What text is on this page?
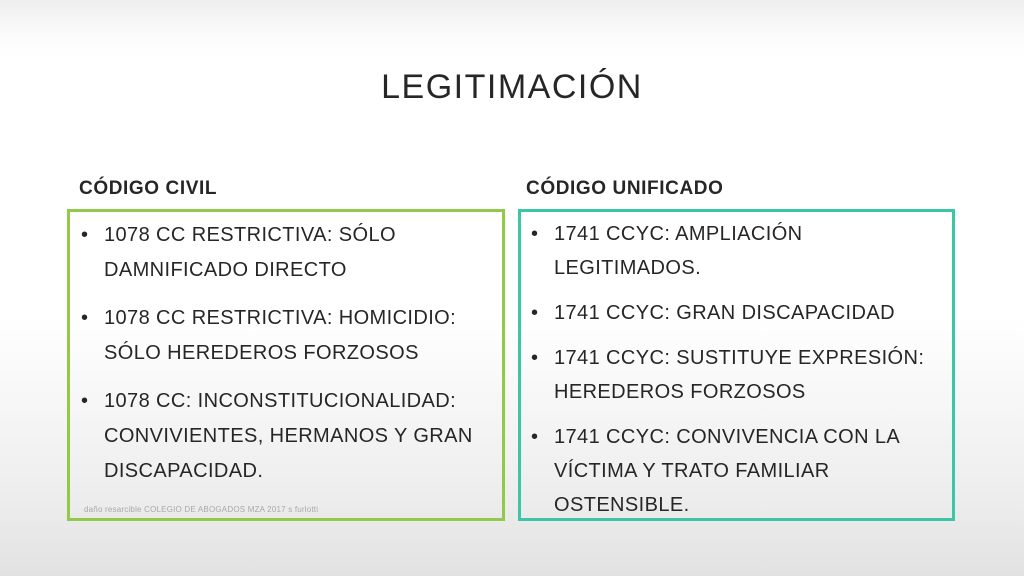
LEGITIMACIÓN
CÓDIGO CIVIL	CÓDIGO UNIFICADO
• 1078 CC RESTRICTIVA: SÓLO DAMNIFICADO DIRECTO
• 1078 CC RESTRICTIVA: HOMICIDIO: SÓLO HEREDEROS FORZOSOS
• 1078 CC: INCONSTITUCIONALIDAD: CONVIVIENTES, HERMANOS Y GRAN DISCAPACIDAD.
• 1741 CCYC: AMPLIACIÓN LEGITIMADOS.
• 1741 CCYC: GRAN DISCAPACIDAD
• 1741 CCYC: SUSTITUYE EXPRESIÓN: HEREDEROS FORZOSOS
• 1741 CCYC: CONVIVENCIA CON LA VÍCTIMA Y TRATO FAMILIAR OSTENSIBLE.
daño resarcible COLEGIO DE ABOGADOS MZA 2017 s furlotti
